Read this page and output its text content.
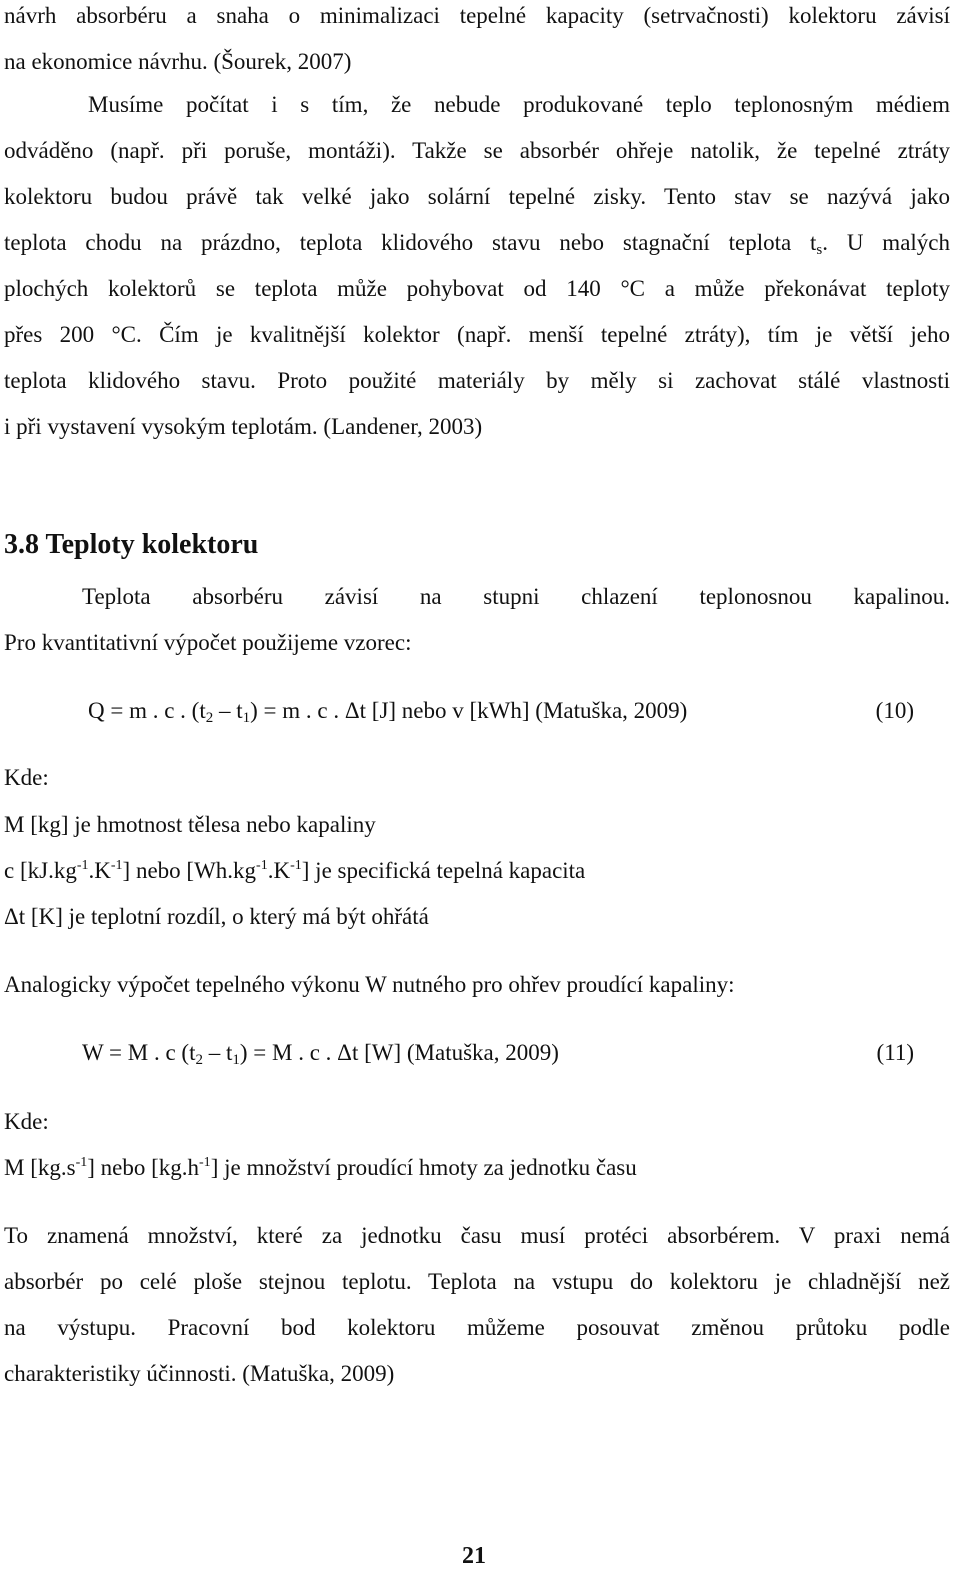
návrh absorbéru a snaha o minimalizaci tepelné kapacity (setrvačnosti) kolektoru závisí
na ekonomice návrhu. (Šourek, 2007)
Musíme počítat i s tím, že nebude produkované teplo teplonosným médiem
odváděno (např. při poruše, montáži). Takže se absorbér ohřeje natolik, že tepelné ztráty
kolektoru budou právě tak velké jako solární tepelné zisky. Tento stav se nazývá jako
teplota chodu na prázdno, teplota klidového stavu nebo stagnační teplota $t_s$. U malých
plochých kolektorů se teplota může pohybovat od 140 °C a může překonávat teploty
přes 200 °C. Čím je kvalitnější kolektor (např. menší tepelné ztráty), tím je větší jeho
teplota klidového stavu. Proto použité materiály by měly si zachovat stálé vlastnosti
i při vystavení vysokým teplotám. (Landener, 2003)
3.8 Teploty kolektoru
Teplota absorbéru závisí na stupni chlazení teplonosnou kapalinou.
Pro kvantitativní výpočet použijeme vzorec:
Q = m . c . $(t_2 - t_1) = m$ . c . Δt [J] nebo v [kWh] (Matuška, 2009)	(10)
Kde:
M [kg] je hmotnost tělesa nebo kapaliny
c $[kJ.kg^{-1}.K^{-1}]$ nebo $[Wh.kg^{-1}.K^{-1}]$ je specifická tepelná kapacita
Δt [K] je teplotní rozdíl, o který má být ohřátá
Analogicky výpočet tepelného výkonu W nutného pro ohřev proudící kapaliny:
W = M . c $(t_2 - t_1) = M$ . c . Δt [W] (Matuška, 2009)	(11)
Kde:
M $[kg.s^{-1}]$ nebo $[kg.h^{-1}]$ je množství proudící hmoty za jednotku času
To znamená množství, které za jednotku času musí protéci absorbérem. V praxi nemá
absorbér po celé ploše stejnou teplotu. Teplota na vstupu do kolektoru je chladnější než
na výstupu. Pracovní bod kolektoru můžeme posouvat změnou průtoku podle
charakteristiky účinnosti. (Matuška, 2009)
21
